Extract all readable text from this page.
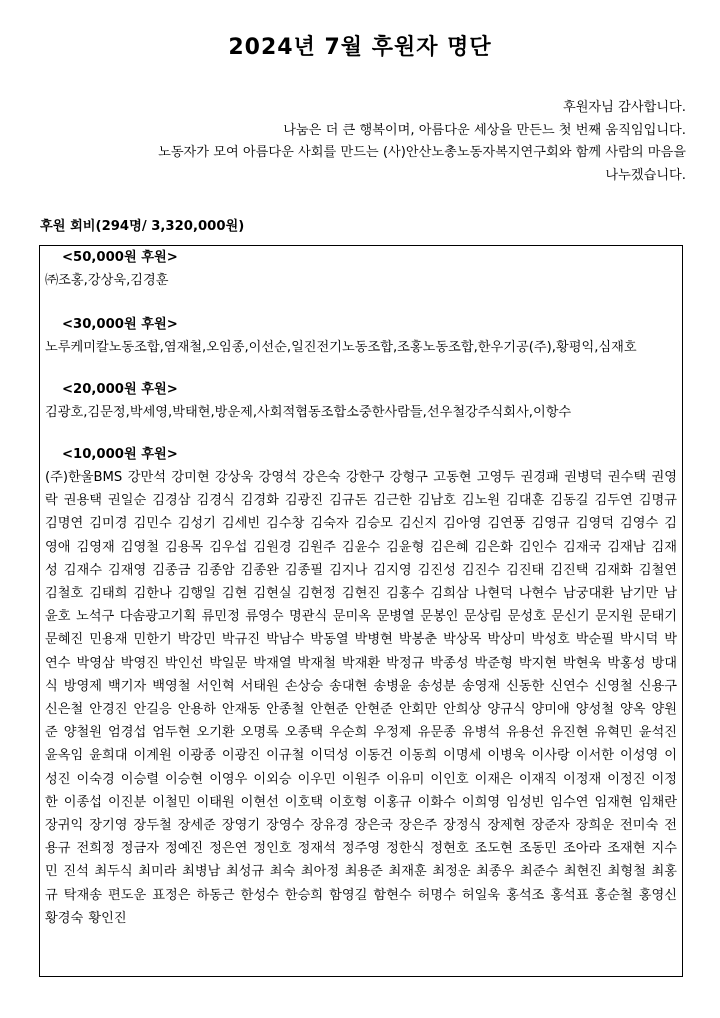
2024년 7월 후원자 명단

후원자님 감사합니다.

나눔은 더 큰 행복이며, 아름다운 세상을 만든느 첫 번째 움직임입니다.

노동자가 모여 아름다운 사회를 만드는 (사)안산노총노동자복지연구회와 함께 사람의 마음을

나누겠습니다.

후원 회비(294명/ 3,320,000원)
<50,000원 후원>
㈜조홍,강상욱,김경훈
<30,000원 후원>
노루케미칼노동조합,염재철,오임종,이선순,일진전기노동조합,조홍노동조합,한우기공(주),황평익,심재호
<20,000원 후원>
김광호,김문정,박세영,박태현,방운제,사회적협동조합소중한사람들,선우철강주식회사,이항수
<10,000원 후원>
(주)한울BMS 강만석 강미현 강상욱 강영석 강은숙 강한구 강형구 고동현 고영두 권경패 권병덕 권수택 권영락 권용택 권일순 김경삼 김경식 김경화 김광진 김규돈 김근한 김남호 김노원 김대훈 김동길 김두연 김명규 김명연 김미경 김민수 김성기 김세빈 김수창 김숙자 김승모 김신지 김아영 김연풍 김영규 김영덕 김영수 김영애 김영재 김영철 김용목 김우섭 김원경 김원주 김윤수 김윤형 김은혜 김은화 김인수 김재국 김재남 김재성 김재수 김재영 김종금 김종암 김종완 김종필 김지나 김지영 김진성 김진수 김진태 김진택 김재화 김철연 김철호 김태희 김한나 김행일 김현 김현실 김현정 김현진 김홍수 김희삼 나현덕 나현수 남궁대환 남기만 남윤호 노석구 다솜광고기획 류민정 류영수 명관식 문미옥 문병열 문봉인 문상림 문성호 문신기 문지원 문태기 문혜진 민용재 민한기 박강민 박규진 박남수 박동열 박병현 박봉춘 박상목 박상미 박성호 박순필 박시덕 박연수 박영삼 박영진 박인선 박일문 박재열 박재철 박재환 박정규 박종성 박준형 박지현 박현욱 박홍성 방대식 방영제 백기자 백영철 서인혁 서태원 손상승 송대현 송병윤 송성분 송영재 신동한 신연수 신영철 신용구 신은철 안경진 안길응 안용하 안재동 안종철 안현준 안현준 안회만 안희상 양규식 양미애 양성철 양옥 양원준 양철원 엄경섭 엄두현 오기환 오명록 오종택 우순희 우정제 유문종 유병석 유용선 유진현 유혁민 윤석진 윤옥임 윤희대 이계원 이광종 이광진 이규철 이덕성 이동건 이동희 이명세 이병욱 이사랑 이서한 이성영 이성진 이숙경 이승렬 이승현 이영우 이외승 이우민 이원주 이유미 이인호 이재은 이재직 이정재 이정진 이정한 이종섭 이진분 이철민 이태원 이현선 이호택 이호형 이홍규 이화수 이희영 임성빈 임수연 임재현 임채란 장귀익 장기영 장두철 장세준 장영기 장영수 장유경 장은국 장은주 장정식 장제현 장준자 장희운 전미숙 전용규 전희정 정금자 정예진 정은연 정인호 정재석 정주영 정한식 정현호 조도현 조동민 조아라 조재현 지수민 진석 최두식 최미라 최병남 최성규 최숙 최아정 최용준 최재훈 최정운 최종우 최준수 최현진 최형철 최홍규 탁재송 편도운 표정은 하동근 한성수 한승희 함영길 함현수 허명수 허일욱 홍석조 홍석표 홍순철 홍영신 황경숙 황인진
